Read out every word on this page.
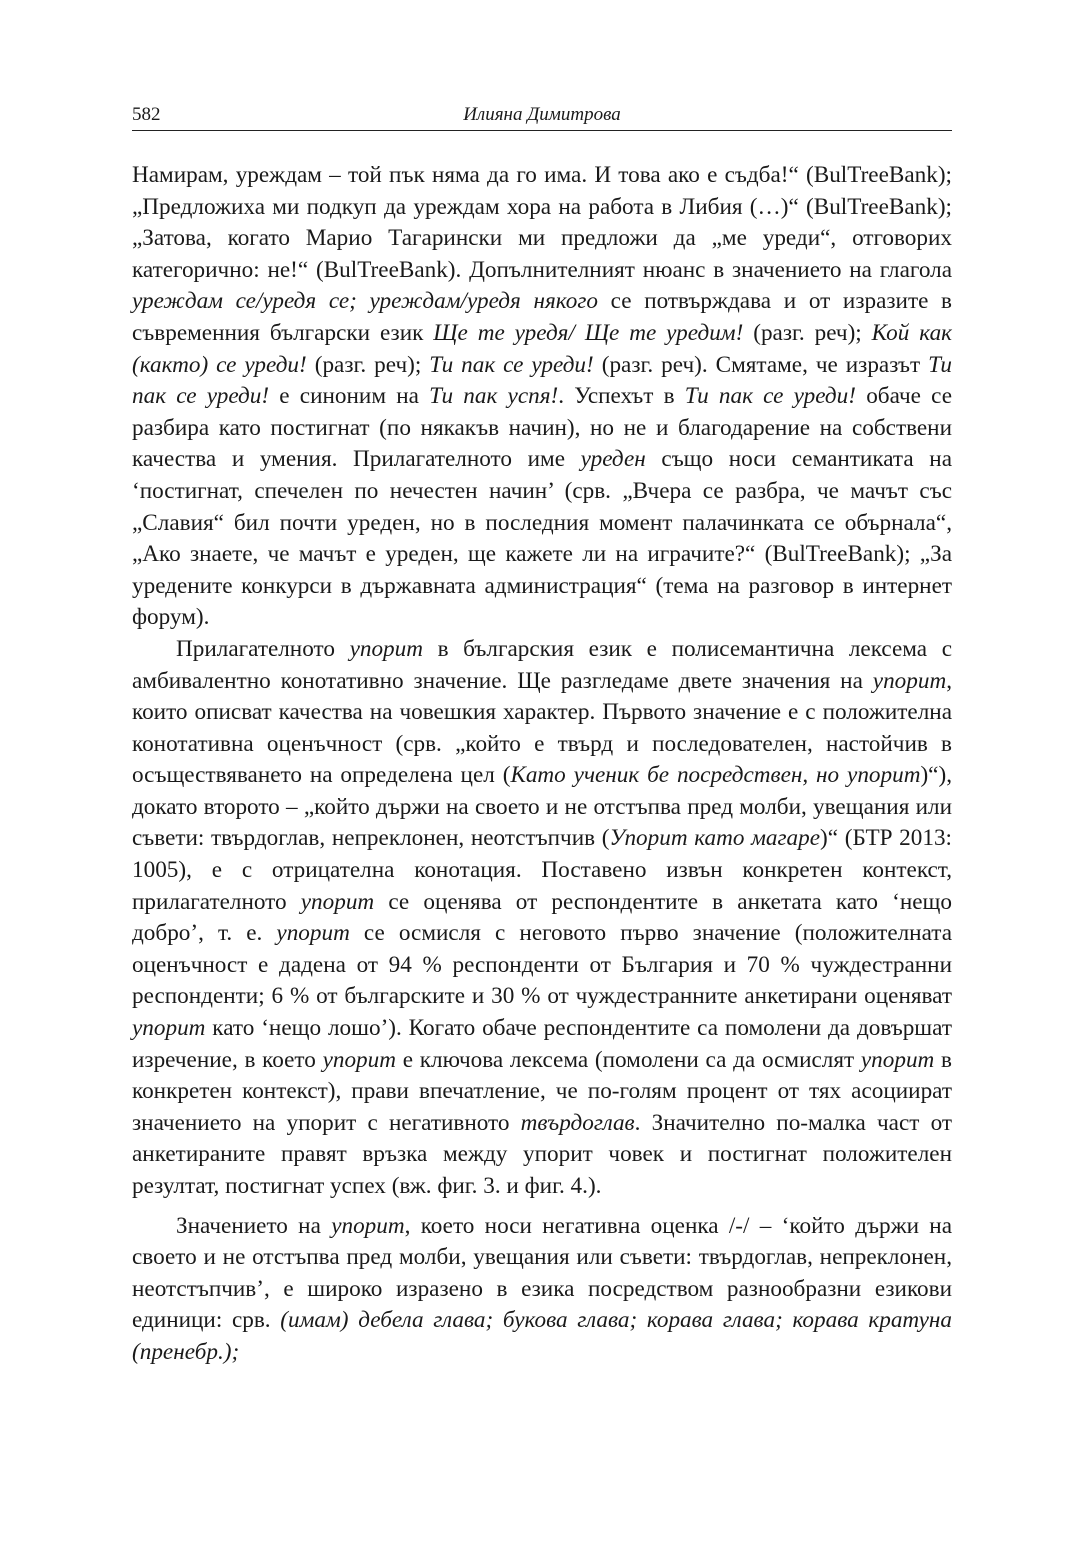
582	Илияна Димитрова

Намирам, уреждам – той пък няма да го има. И това ако е съдба!“ (BulTreeBank); „Предложиха ми подкуп да уреждам хора на работа в Либия (…)“ (BulTreeBank); „Затова, когато Марио Тагарински ми предложи да „ме уреди“, отговорих категорично: не!“ (BulTreeBank). Допълнителният нюанс в значението на глагола уреждам се/уредя се; уреждам/уредя някого се потвърждава и от изразите в съвременния български език Ще те уредя/ Ще те уредим! (разг. реч); Кой как (както) се уреди! (разг. реч); Ти пак се уреди! (разг. реч). Смятаме, че изразът Ти пак се уреди! е синоним на Ти пак успя!. Успехът в Ти пак се уреди! обаче се разбира като постигнат (по някакъв начин), но не и благодарение на собствени качества и умения. Прилагателното име уреден също носи семантиката на ‘постигнат, спечелен по нечестен начин’ (срв. „Вчера се разбра, че мачът със „Славия“ бил почти уреден, но в последния момент палачинката се обърнала“, „Ако знаете, че мачът е уреден, ще кажете ли на играчите?“ (BulTreeBank); „За уредените конкурси в държавната администрация“ (тема на разговор в интернет форум).

Прилагателното упорит в българския език е полисемантична лексема с амбивалентно конотативно значение. Ще разгледаме двете значения на упорит, които описват качества на човешкия характер. Първото значение е с положителна конотативна оценъчност (срв. „който е твърд и последователен, настойчив в осъществяването на определена цел (Като ученик бе посредствен, но упорит)“), докато второто – „който държи на своето и не отстъпва пред молби, увещания или съвети: твърдоглав, непреклонен, неотстъпчив (Упорит като магаре)“ (БТР 2013: 1005), е с отрицателна конотация. Поставено извън конкретен контекст, прилагателното упорит се оценява от респондентите в анкетата като ‘нещо добро’, т. е. упорит се осмисля с неговото първо значение (положителната оценъчност е дадена от 94 % респонденти от България и 70 % чуждестранни респонденти; 6 % от българските и 30 % от чуждестранните анкетирани оценяват упорит като ‘нещо лошо’). Когато обаче респондентите са помолени да довършат изречение, в което упорит е ключова лексема (помолени са да осмислят упорит в конкретен контекст), прави впечатление, че по-голям процент от тях асоциират значението на упорит с негативното твърдоглав. Значително по-малка част от анкетираните правят връзка между упорит човек и постигнат положителен резултат, постигнат успех (вж. фиг. 3. и фиг. 4.).

Значението на упорит, което носи негативна оценка /-/ – ‘който държи на своето и не отстъпва пред молби, увещания или съвети: твърдоглав, непреклонен, неотстъпчив’, е широко изразено в езика посредством разнообразни езикови единици: срв. (имам) дебела глава; букова глава; корава глава; корава кратуна (пренебр.);
